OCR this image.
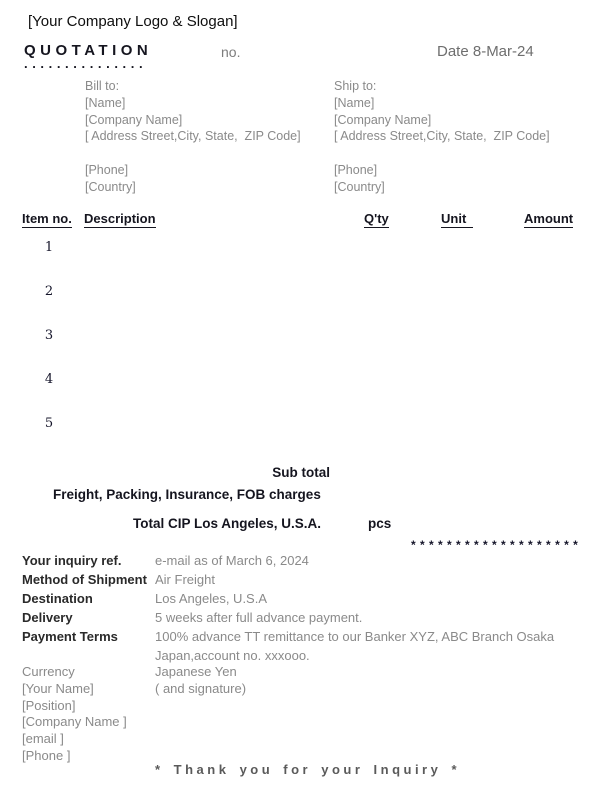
[Your Company Logo & Slogan]
QUOTATION	no.	Date 8-Mar-24
...............
Bill to:
[Name]
[Company Name]
[ Address Street,City, State,  ZIP Code]
[Phone]
[Country]
Ship to:
[Name]
[Company Name]
[ Address Street,City, State,  ZIP Code]
[Phone]
[Country]
Item no. Description	Q'ty	Unit	Amount
1
2
3
4
5
Sub total
Freight, Packing, Insurance, FOB charges
Total CIP Los Angeles, U.S.A.	pcs
* * * * * * * * * * * * * * * * * * *
Your inquiry ref.	e-mail as of March 6, 2024
Method of Shipment Air Freight
Destination	Los Angeles, U.S.A
Delivery	5 weeks after full advance payment.
Payment Terms	100% advance TT remittance to our Banker XYZ, ABC Branch Osaka Japan,account no. xxxooo.
Currency	Japanese Yen
[Your Name]	( and signature)
[Position]
[Company Name ]
[email ]
[Phone ]
* Thank you for your Inquiry *
